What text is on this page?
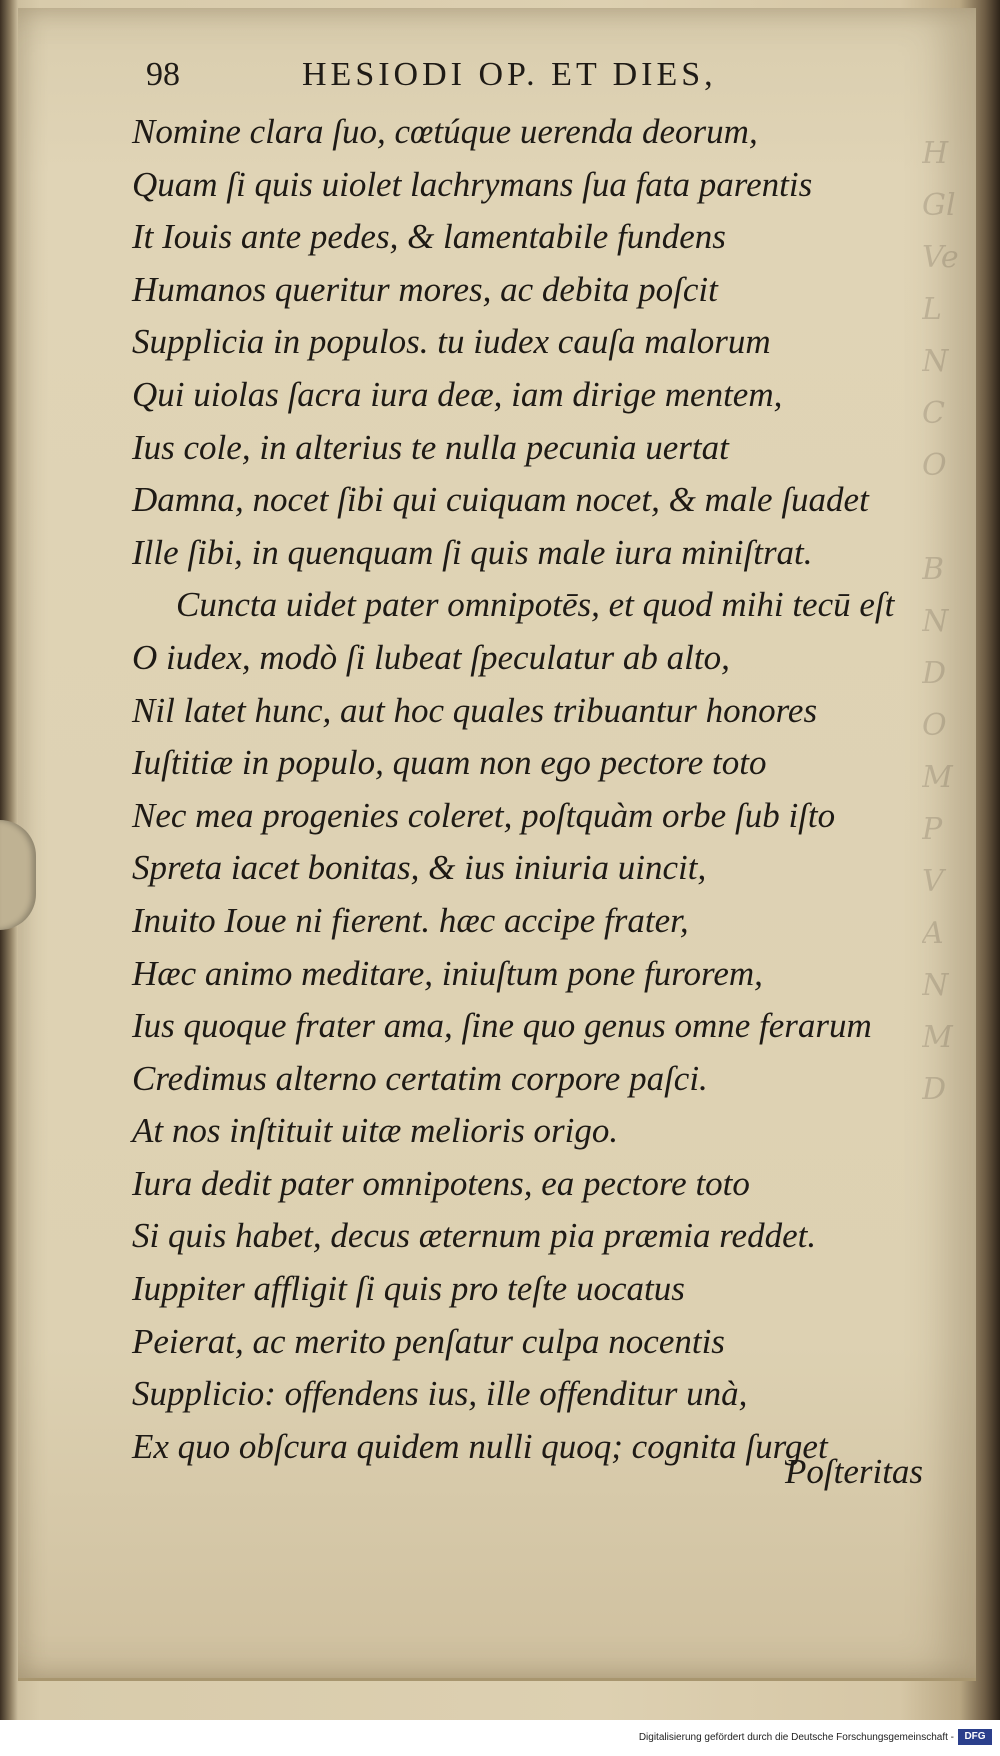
H
Gl
Ve
L
N
C
O

B
N
D
O
M
P
V
A
N
M
D
98	HESIODI OP. ET DIES,
Nomine clara ſuo, cœtúque uerenda deorum,
Quam ſi quis uiolet lachrymans ſua fata parentis
It Iouis ante pedes, & lamentabile fundens
Humanos queritur mores, ac debita poſcit
Supplicia in populos. tu iudex cauſa malorum
Qui uiolas ſacra iura deæ, iam dirige mentem,
Ius cole, in alterius te nulla pecunia uertat
Damna, nocet ſibi qui cuiquam nocet, & male ſuadet
Ille ſibi, in quenquam ſi quis male iura miniſtrat.
Cuncta uidet pater omnipotēs, et quod mihi tecū eſt
O iudex, modò ſi lubeat ſpeculatur ab alto,
Nil latet hunc, aut hoc quales tribuantur honores
Iuſtitiæ in populo, quam non ego pectore toto
Nec mea progenies coleret, poſtquàm orbe ſub iſto
Spreta iacet bonitas, & ius iniuria uincit,
Inuito Ioue ni fierent. hæc accipe frater,
Hæc animo meditare, iniuſtum pone furorem,
Ius quoque frater ama, ſine quo genus omne ferarum
Credimus alterno certatim corpore paſci.
At nos inſtituit uitæ melioris origo.
Iura dedit pater omnipotens, ea pectore toto
Si quis habet, decus æternum pia præmia reddet.
Iuppiter affligit ſi quis pro teſte uocatus
Peierat, ac merito penſatur culpa nocentis
Supplicio: offendens ius, ille offenditur unà,
Ex quo obſcura quidem nulli quoq; cognita ſurget
Poſteritas
Digitalisierung gefördert durch die Deutsche Forschungsgemeinschaft -	DFG
